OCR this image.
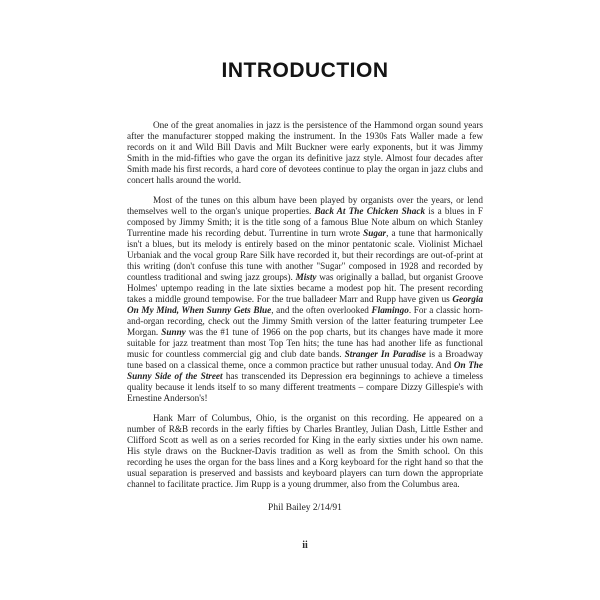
INTRODUCTION

One of the great anomalies in jazz is the persistence of the Hammond organ sound years after the manufacturer stopped making the instrument. In the 1930s Fats Waller made a few records on it and Wild Bill Davis and Milt Buckner were early exponents, but it was Jimmy Smith in the mid-fifties who gave the organ its definitive jazz style. Almost four decades after Smith made his first records, a hard core of devotees continue to play the organ in jazz clubs and concert halls around the world.

Most of the tunes on this album have been played by organists over the years, or lend themselves well to the organ's unique properties. Back At The Chicken Shack is a blues in F composed by Jimmy Smith; it is the title song of a famous Blue Note album on which Stanley Turrentine made his recording debut. Turrentine in turn wrote Sugar, a tune that harmonically isn't a blues, but its melody is entirely based on the minor pentatonic scale. Violinist Michael Urbaniak and the vocal group Rare Silk have recorded it, but their recordings are out-of-print at this writing (don't confuse this tune with another "Sugar" composed in 1928 and recorded by countless traditional and swing jazz groups). Misty was originally a ballad, but organist Groove Holmes' uptempo reading in the late sixties became a modest pop hit. The present recording takes a middle ground tempowise. For the true balladeer Marr and Rupp have given us Georgia On My Mind, When Sunny Gets Blue, and the often overlooked Flamingo. For a classic horn-and-organ recording, check out the Jimmy Smith version of the latter featuring trumpeter Lee Morgan. Sunny was the #1 tune of 1966 on the pop charts, but its changes have made it more suitable for jazz treatment than most Top Ten hits; the tune has had another life as functional music for countless commercial gig and club date bands. Stranger In Paradise is a Broadway tune based on a classical theme, once a common practice but rather unusual today. And On The Sunny Side of the Street has transcended its Depression era beginnings to achieve a timeless quality because it lends itself to so many different treatments – compare Dizzy Gillespie's with Ernestine Anderson's!

Hank Marr of Columbus, Ohio, is the organist on this recording. He appeared on a number of R&B records in the early fifties by Charles Brantley, Julian Dash, Little Esther and Clifford Scott as well as on a series recorded for King in the early sixties under his own name. His style draws on the Buckner-Davis tradition as well as from the Smith school. On this recording he uses the organ for the bass lines and a Korg keyboard for the right hand so that the usual separation is preserved and bassists and keyboard players can turn down the appropriate channel to facilitate practice. Jim Rupp is a young drummer, also from the Columbus area.

Phil Bailey 2/14/91
ii
